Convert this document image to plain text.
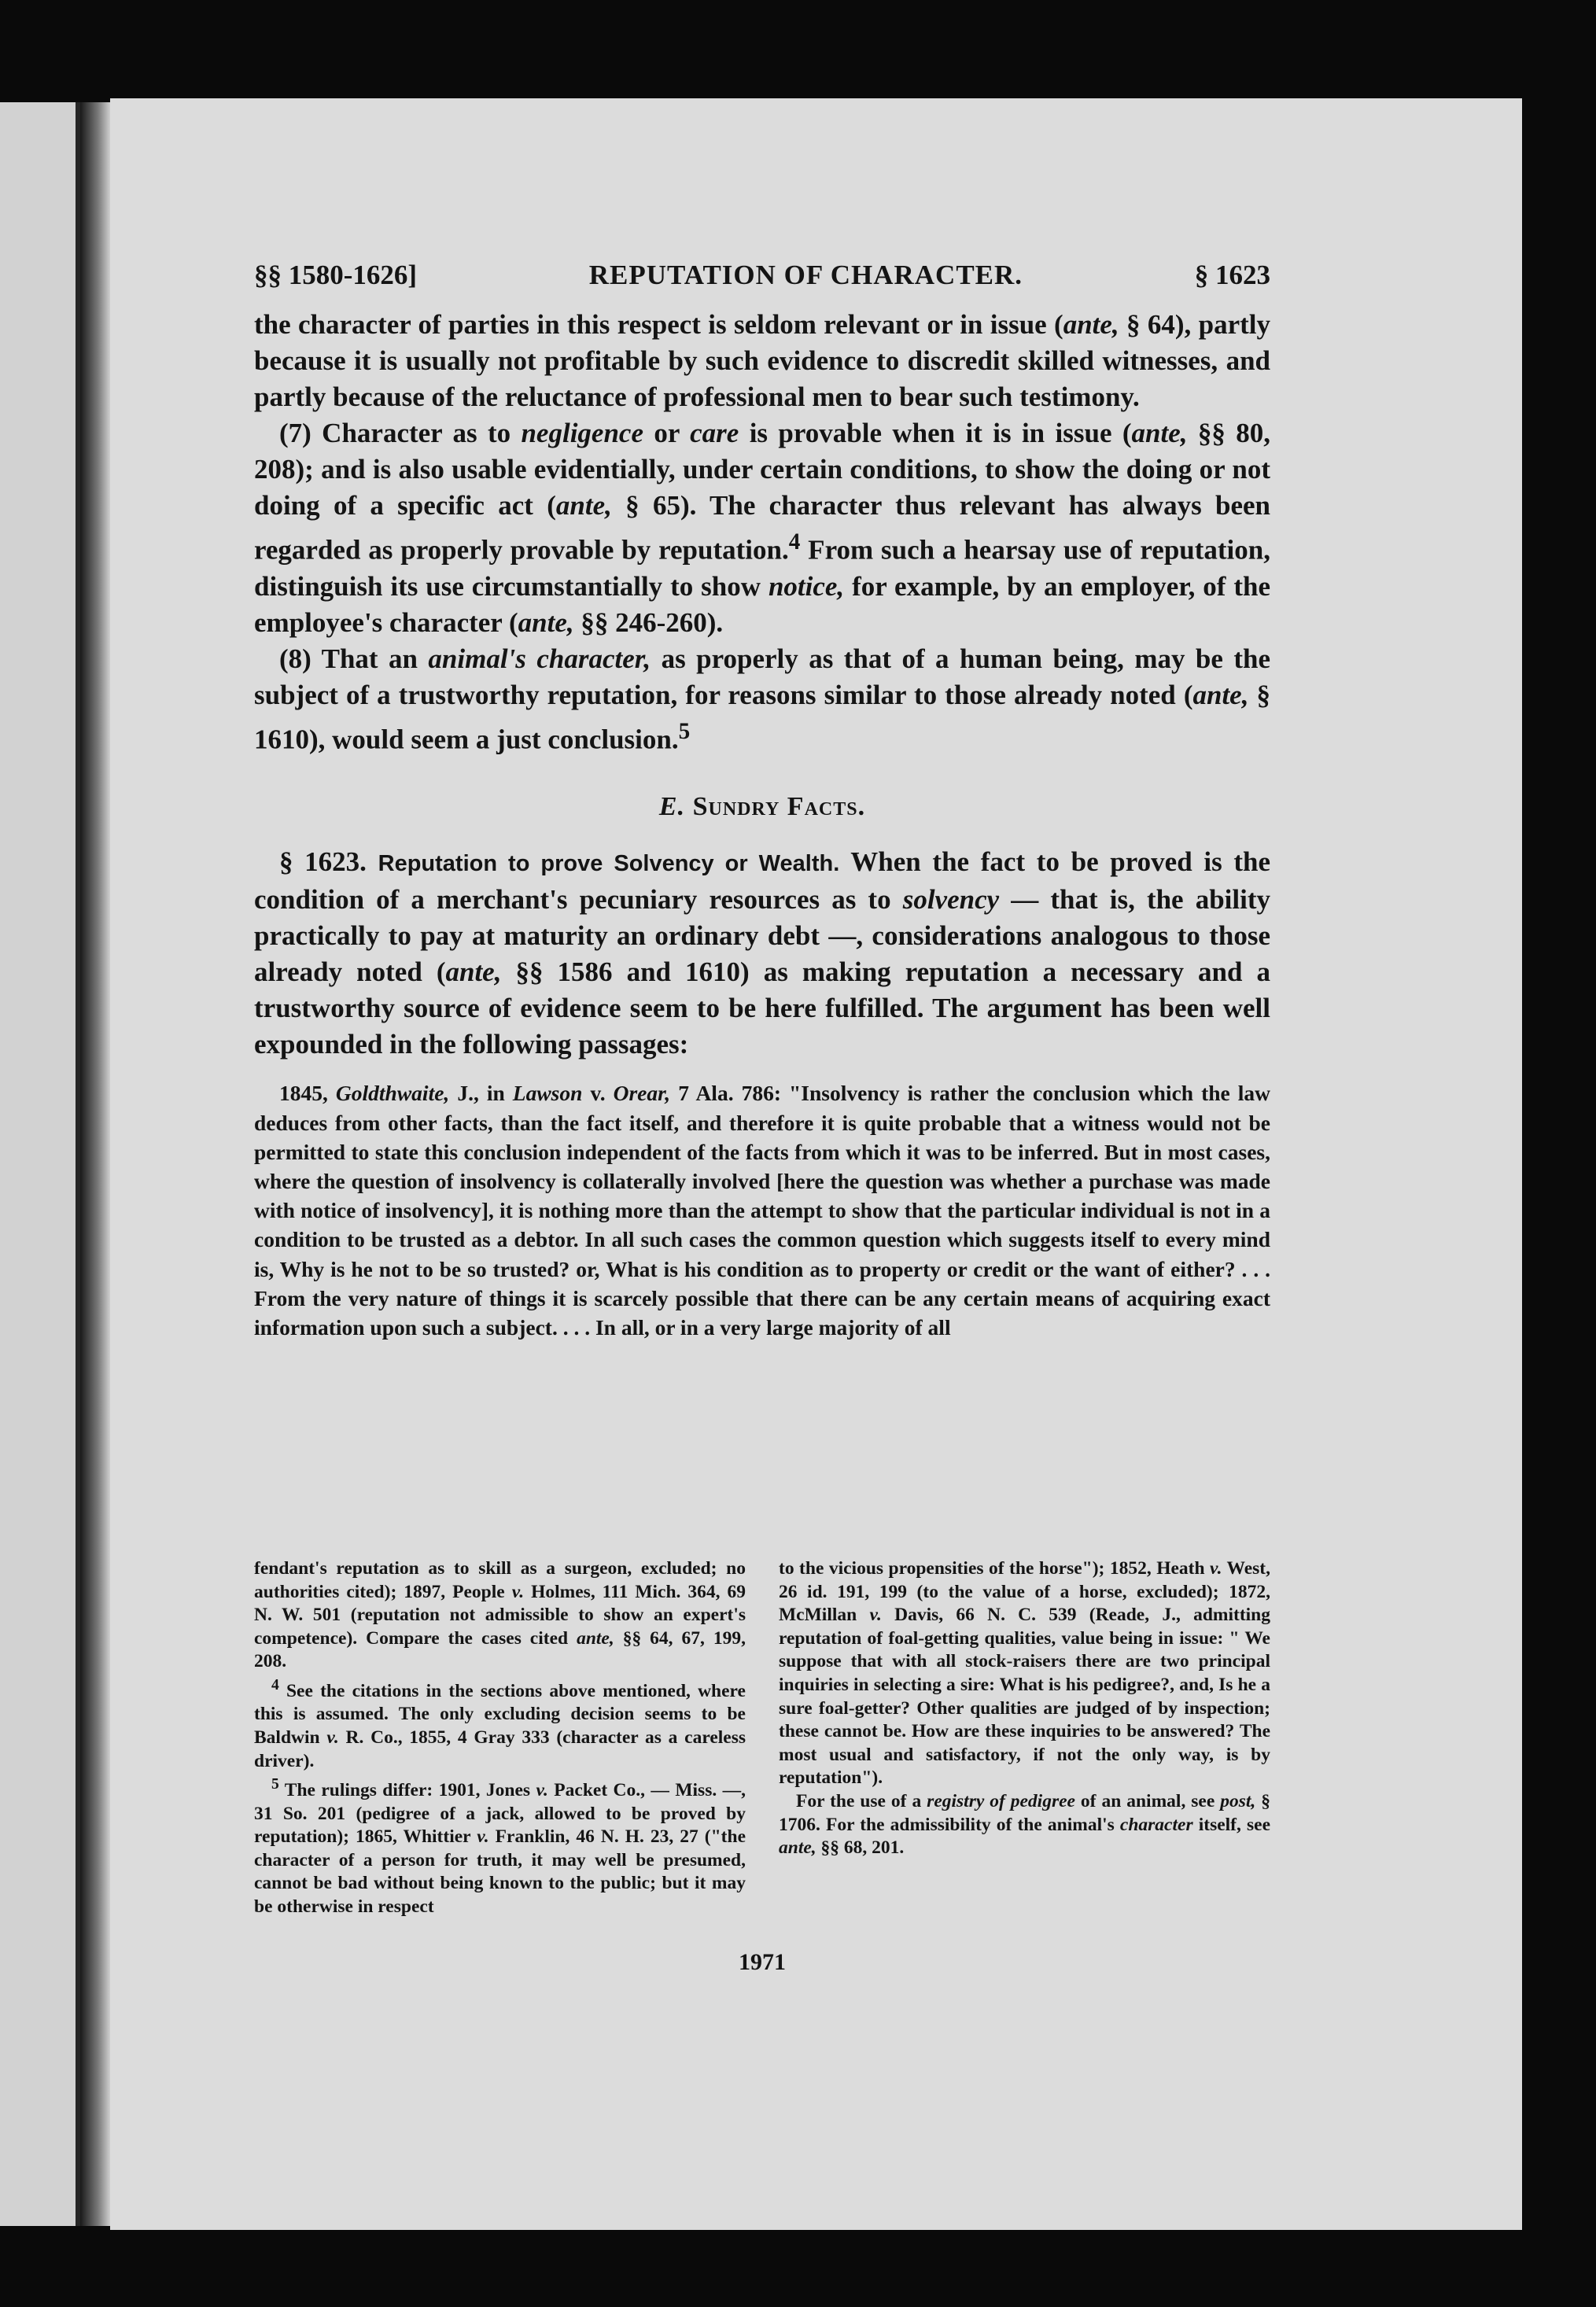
§§ 1580-1626]	REPUTATION OF CHARACTER.	§ 1623

the character of parties in this respect is seldom relevant or in issue (ante, § 64), partly because it is usually not profitable by such evidence to discredit skilled witnesses, and partly because of the reluctance of professional men to bear such testimony.

(7) Character as to negligence or care is provable when it is in issue (ante, §§ 80, 208); and is also usable evidentially, under certain conditions, to show the doing or not doing of a specific act (ante, § 65). The character thus relevant has always been regarded as properly provable by reputation.$^4$ From such a hearsay use of reputation, distinguish its use circumstantially to show notice, for example, by an employer, of the employee's character (ante, §§ 246-260).

(8) That an animal's character, as properly as that of a human being, may be the subject of a trustworthy reputation, for reasons similar to those already noted (ante, § 1610), would seem a just conclusion.$^5$

E. Sundry Facts.

§ 1623. Reputation to prove Solvency or Wealth. When the fact to be proved is the condition of a merchant's pecuniary resources as to solvency — that is, the ability practically to pay at maturity an ordinary debt —, considerations analogous to those already noted (ante, §§ 1586 and 1610) as making reputation a necessary and a trustworthy source of evidence seem to be here fulfilled. The argument has been well expounded in the following passages:

1845, Goldthwaite, J., in Lawson v. Orear, 7 Ala. 786: "Insolvency is rather the conclusion which the law deduces from other facts, than the fact itself, and therefore it is quite probable that a witness would not be permitted to state this conclusion independent of the facts from which it was to be inferred. But in most cases, where the question of insolvency is collaterally involved [here the question was whether a purchase was made with notice of insolvency], it is nothing more than the attempt to show that the particular individual is not in a condition to be trusted as a debtor. In all such cases the common question which suggests itself to every mind is, Why is he not to be so trusted? or, What is his condition as to property or credit or the want of either? . . . From the very nature of things it is scarcely possible that there can be any certain means of acquiring exact information upon such a subject. . . . In all, or in a very large majority of all

fendant's reputation as to skill as a surgeon, excluded; no authorities cited); 1897, People v. Holmes, 111 Mich. 364, 69 N. W. 501 (reputation not admissible to show an expert's competence). Compare the cases cited ante, §§ 64, 67, 199, 208.

$^4$ See the citations in the sections above mentioned, where this is assumed. The only excluding decision seems to be Baldwin v. R. Co., 1855, 4 Gray 333 (character as a careless driver).

$^5$ The rulings differ: 1901, Jones v. Packet Co., — Miss. —, 31 So. 201 (pedigree of a jack, allowed to be proved by reputation); 1865, Whittier v. Franklin, 46 N. H. 23, 27 ("the character of a person for truth, it may well be presumed, cannot be bad without being known to the public; but it may be otherwise in respect

to the vicious propensities of the horse"); 1852, Heath v. West, 26 id. 191, 199 (to the value of a horse, excluded); 1872, McMillan v. Davis, 66 N. C. 539 (Reade, J., admitting reputation of foal-getting qualities, value being in issue: " We suppose that with all stock-raisers there are two principal inquiries in selecting a sire: What is his pedigree?, and, Is he a sure foal-getter? Other qualities are judged of by inspection; these cannot be. How are these inquiries to be answered? The most usual and satisfactory, if not the only way, is by reputation").

For the use of a registry of pedigree of an animal, see post, § 1706. For the admissibility of the animal's character itself, see ante, §§ 68, 201.

1971
